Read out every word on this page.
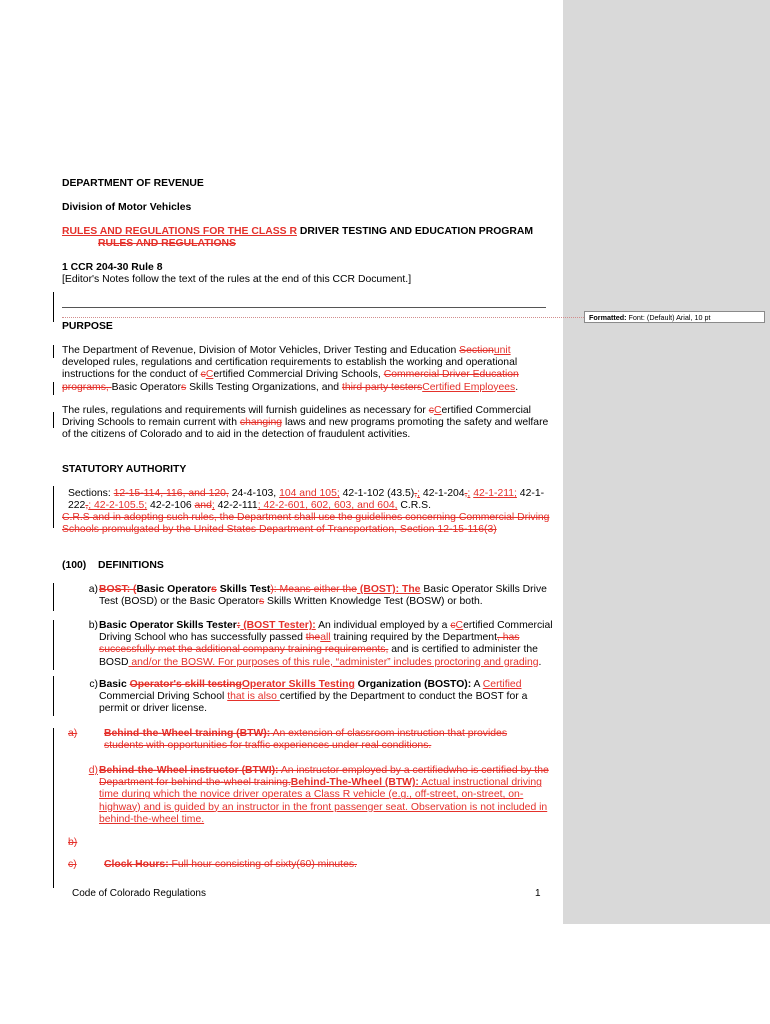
DEPARTMENT OF REVENUE
Division of Motor Vehicles
RULES AND REGULATIONS FOR THE CLASS R DRIVER TESTING AND EDUCATION PROGRAM
RULES AND REGULATIONS
1 CCR 204-30 Rule 8
[Editor's Notes follow the text of the rules at the end of this CCR Document.]
PURPOSE
The Department of Revenue, Division of Motor Vehicles, Driver Testing and Education Sectionunit developed rules, regulations and certification requirements to establish the working and operational instructions for the conduct of cCertified Commercial Driving Schools, Commercial Driver Education programs, Basic Operators Skills Testing Organizations, and third party testersCertified Employees.
The rules, regulations and requirements will furnish guidelines as necessary for cCertified Commercial Driving Schools to remain current with changing laws and new programs promoting the safety and welfare of the citizens of Colorado and to aid in the detection of fraudulent activities.
STATUTORY AUTHORITY
Sections: 12-15-114, 116, and 120, 24-4-103, 104 and 105; 42-1-102 (43.5),; 42-1-204,; 42-1-211; 42-1-222,; 42-2-105.5; 42-2-106 and; 42-2-111; 42-2-601, 602, 603, and 604, C.R.S.
C.R.S and in adopting such rules, the Department shall use the guidelines concerning Commercial Driving Schools promulgated by the United States Department of Transportation, Section 12-15-116(3)
(100) DEFINITIONS
a) BOST: (Basic Operators Skills Test): Means either the (BOST): The Basic Operator Skills Drive Test (BOSD) or the Basic Operators Skills Written Knowledge Test (BOSW) or both.
b) Basic Operator Skills Tester: (BOST Tester): An individual employed by a cCertified Commercial Driving School who has successfully passed theall training required by the Department, has successfully met the additional company training requirements, and is certified to administer the BOSD and/or the BOSW. For purposes of this rule, “administer” includes proctoring and grading.
c) Basic Operator's skill testingOperator Skills Testing Organization (BOSTO): A Certified Commercial Driving School that is also certified by the Department to conduct the BOST for a permit or driver license.
a)	Behind-the-Wheel training (BTW): An extension of classroom instruction that provides students with opportunities for traffic experiences under real conditions.
d) Behind-the-Wheel instructor (BTWI): An instructor employed by a certifiedwho is certified by the Department for behind-the-wheel training.Behind-The-Wheel (BTW): Actual instructional driving time during which the novice driver operates a Class R vehicle (e.g., off-street, on-street, on-highway) and is guided by an instructor in the front passenger seat. Observation is not included in behind-the-wheel time.
b)
c)	Clock Hours: Full hour consisting of sixty(60) minutes.
Code of Colorado Regulations	1
Formatted: Font: (Default) Arial, 10 pt
